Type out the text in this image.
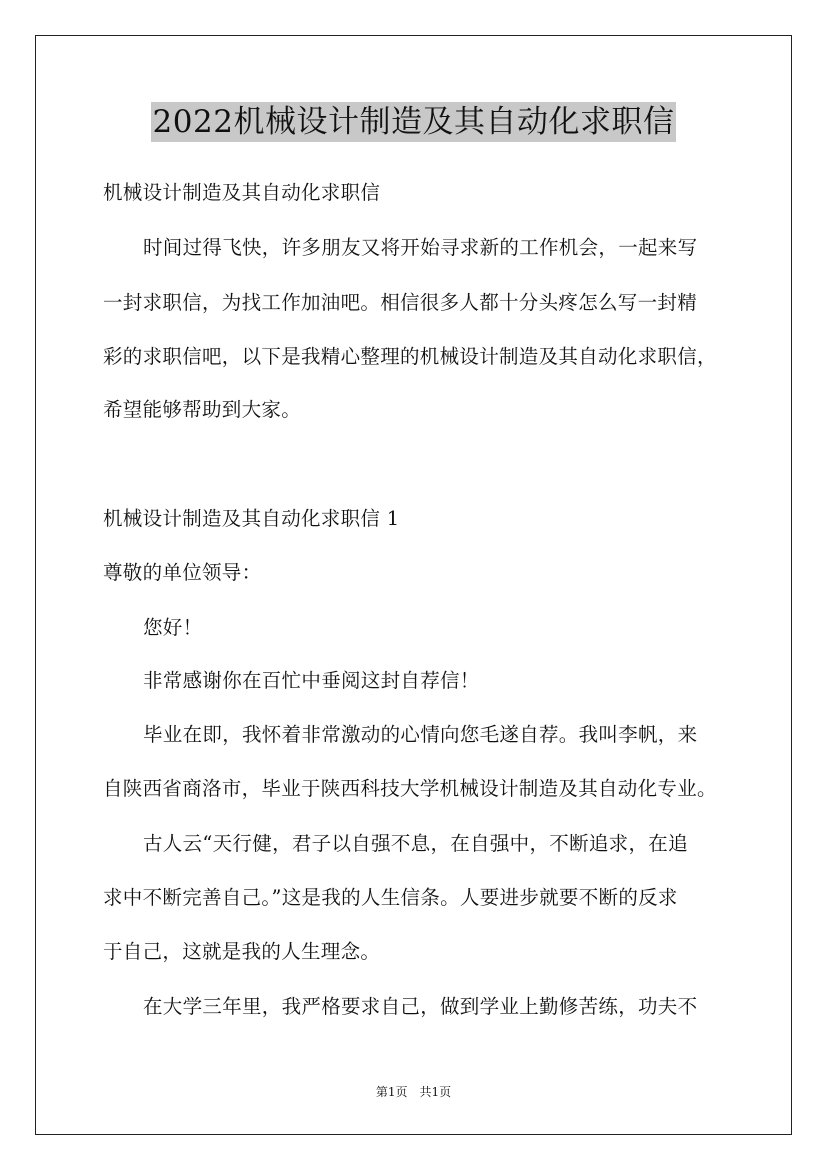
2022机械设计制造及其自动化求职信
机械设计制造及其自动化求职信
时间过得飞快，许多朋友又将开始寻求新的工作机会，一起来写
一封求职信，为找工作加油吧。相信很多人都十分头疼怎么写一封精
彩的求职信吧，以下是我精心整理的机械设计制造及其自动化求职信，
希望能够帮助到大家。
机械设计制造及其自动化求职信 1
尊敬的单位领导：
您好！
非常感谢你在百忙中垂阅这封自荐信！
毕业在即，我怀着非常激动的心情向您毛遂自荐。我叫李帆，来
自陕西省商洛市，毕业于陕西科技大学机械设计制造及其自动化专业。
古人云“天行健，君子以自强不息，在自强中，不断追求，在追
求中不断完善自己。”这是我的人生信条。人要进步就要不断的反求
于自己，这就是我的人生理念。
在大学三年里，我严格要求自己，做到学业上勤修苦练，功夫不
第1页　共1页
